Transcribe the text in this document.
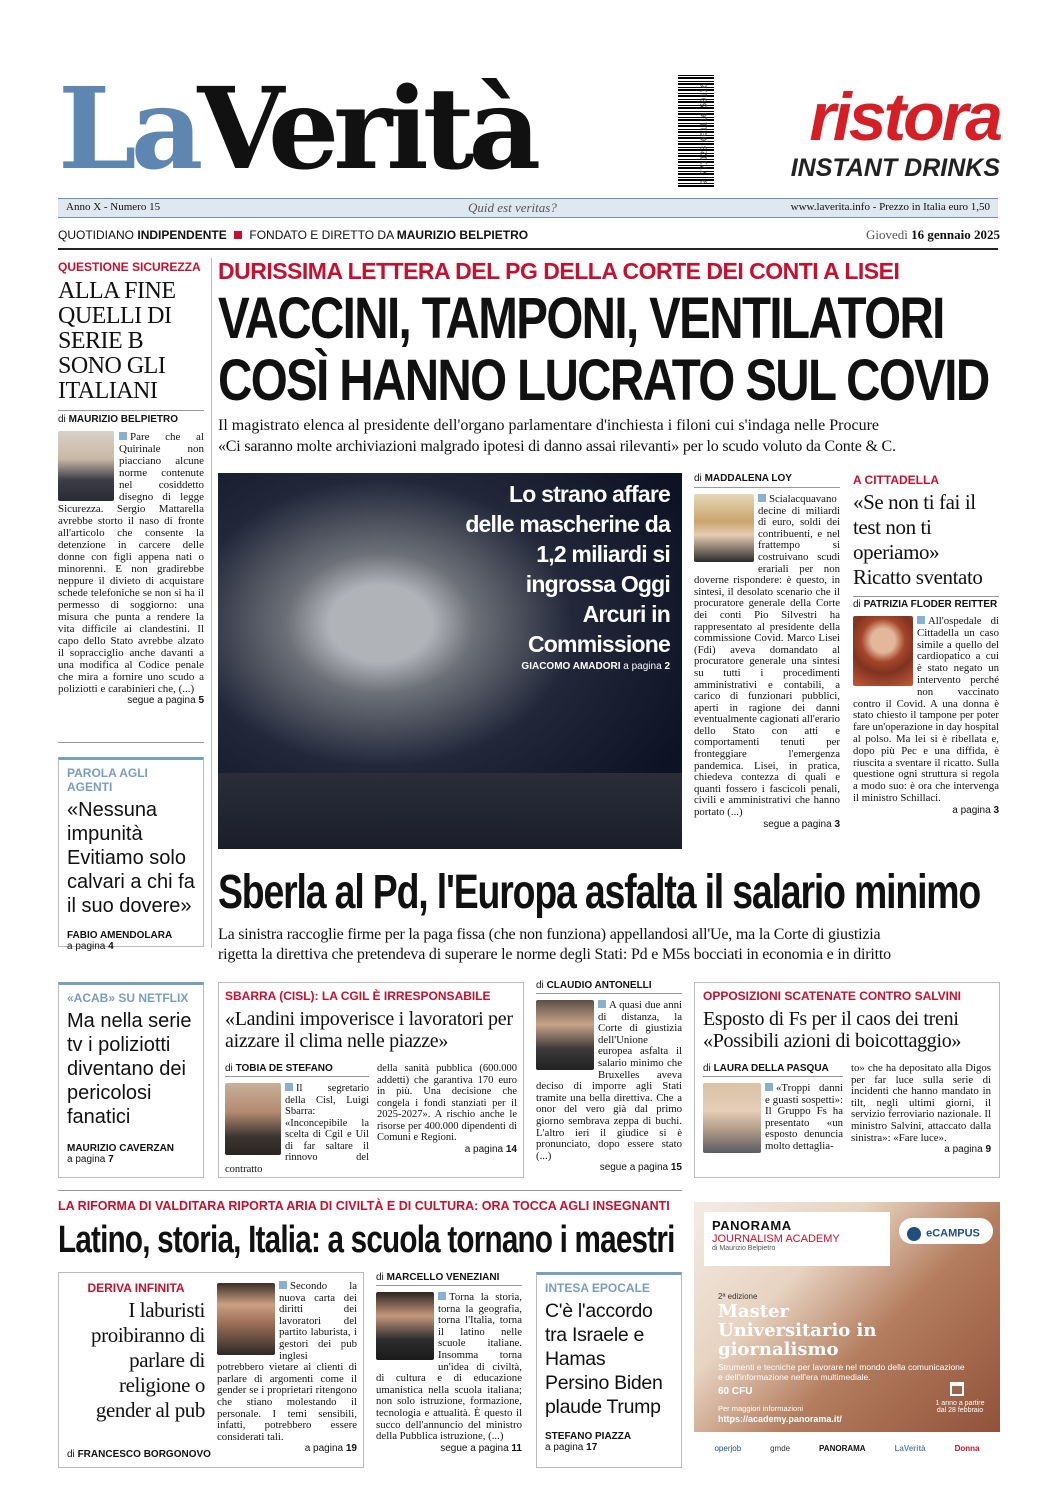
LaVerità	9 771123 001116 50116	ristora
INSTANT DRINKS
Anno X - Numero 15	Quid est veritas?	www.laverita.info - Prezzo in Italia euro 1,50
QUOTIDIANO INDIPENDENTE FONDATO E DIRETTO DA MAURIZIO BELPIETRO	Giovedì 16 gennaio 2025
QUESTIONE SICUREZZA
ALLA FINE QUELLI DI SERIE B SONO GLI ITALIANI
di MAURIZIO BELPIETRO
Pare che al Quirinale non piacciano alcune norme contenute nel cosiddetto disegno di legge Sicurezza. Sergio Mattarella avrebbe storto il naso di fronte all'articolo che consente la detenzione in carcere delle donne con figli appena nati o minorenni. E non gradirebbe neppure il divieto di acquistare schede telefoniche se non si ha il permesso di soggiorno: una misura che punta a rendere la vita difficile ai clandestini. Il capo dello Stato avrebbe alzato il sopracciglio anche davanti a una modifica al Codice penale che mira a fornire uno scudo a poliziotti e carabinieri che, (...)
segue a pagina 5
PAROLA AGLI AGENTI
«Nessuna impunità Evitiamo solo calvari a chi fa il suo dovere»
FABIO AMENDOLARA
a pagina 4
DURISSIMA LETTERA DEL PG DELLA CORTE DEI CONTI A LISEI
VACCINI, TAMPONI, VENTILATORI
COSÌ HANNO LUCRATO SUL COVID
Il magistrato elenca al presidente dell'organo parlamentare d'inchiesta i filoni cui s'indaga nelle Procure
«Ci saranno molte archiviazioni malgrado ipotesi di danno assai rilevanti» per lo scudo voluto da Conte & C.
Lo strano affare delle mascherine da 1,2 miliardi si ingrossa Oggi Arcuri in Commissione
GIACOMO AMADORI a pagina 2
di MADDALENA LOY
Scialacquavano decine di miliardi di euro, soldi dei contribuenti, e nel frattempo si costruivano scudi erariali per non doverne rispondere: è questo, in sintesi, il desolato scenario che il procuratore generale della Corte dei conti Pio Silvestri ha rappresentato al presidente della commissione Covid. Marco Lisei (Fdi) aveva domandato al procuratore generale una sintesi su tutti i procedimenti amministrativi e contabili, a carico di funzionari pubblici, aperti in ragione dei danni eventualmente cagionati all'erario dello Stato con atti e comportamenti tenuti per fronteggiare l'emergenza pandemica. Lisei, in pratica, chiedeva contezza di quali e quanti fossero i fascicoli penali, civili e amministrativi che hanno portato (...)
segue a pagina 3
A CITTADELLA
«Se non ti fai il test non ti operiamo» Ricatto sventato
di PATRIZIA FLODER REITTER
All'ospedale di Cittadella un caso simile a quello del cardiopatico a cui è stato negato un intervento perché non vaccinato contro il Covid. A una donna è stato chiesto il tampone per poter fare un'operazione in day hospital al polso. Ma lei si è ribellata e, dopo più Pec e una diffida, è riuscita a sventare il ricatto. Sulla questione ogni struttura si regola a modo suo: è ora che intervenga il ministro Schillaci.
a pagina 3
Sberla al Pd, l'Europa asfalta il salario minimo
La sinistra raccoglie firme per la paga fissa (che non funziona) appellandosi all'Ue, ma la Corte di giustizia
rigetta la direttiva che pretendeva di superare le norme degli Stati: Pd e M5s bocciati in economia e in diritto
«ACAB» SU NETFLIX
Ma nella serie tv i poliziotti diventano dei pericolosi fanatici
MAURIZIO CAVERZAN
a pagina 7
SBARRA (CISL): LA CGIL È IRRESPONSABILE
«Landini impoverisce i lavoratori per aizzare il clima nelle piazze»
di TOBIA DE STEFANO
Il segretario della Cisl, Luigi Sbarra: «Inconcepibile la scelta di Cgil e Uil di far saltare il rinnovo del contratto
della sanità pubblica (600.000 addetti) che garantiva 170 euro in più. Una decisione che congela i fondi stanziati per il 2025-2027». A rischio anche le risorse per 400.000 dipendenti di Comuni e Regioni.
a pagina 14
di CLAUDIO ANTONELLI
A quasi due anni di distanza, la Corte di giustizia dell'Unione europea asfalta il salario minimo che Bruxelles aveva deciso di imporre agli Stati tramite una bella direttiva. Che a onor del vero già dal primo giorno sembrava zeppa di buchi. L'altro ieri il giudice si è pronunciato, dopo essere stato (...)
segue a pagina 15
OPPOSIZIONI SCATENATE CONTRO SALVINI
Esposto di Fs per il caos dei treni «Possibili azioni di boicottaggio»
di LAURA DELLA PASQUA
«Troppi danni e guasti sospetti»: Il Gruppo Fs ha presentato «un esposto denuncia molto dettaglia-
to» che ha depositato alla Digos per far luce sulla serie di incidenti che hanno mandato in tilt, negli ultimi giorni, il servizio ferroviario nazionale. Il ministro Salvini, attaccato dalla sinistra»: «Fare luce».
a pagina 9
LA RIFORMA DI VALDITARA RIPORTA ARIA DI CIVILTÀ E DI CULTURA: ORA TOCCA AGLI INSEGNANTI
Latino, storia, Italia: a scuola tornano i maestri
DERIVA INFINITA
I laburisti proibiranno di parlare di religione o gender al pub
di FRANCESCO BORGONOVO
Secondo la nuova carta dei diritti dei lavoratori del partito laburista, i gestori dei pub inglesi potrebbero vietare ai clienti di parlare di argomenti come il gender se i proprietari ritengono che stiano molestando il personale. I temi sensibili, infatti, potrebbero essere considerati tali.
a pagina 19
di MARCELLO VENEZIANI
Torna la storia, torna la geografia, torna l'Italia, torna il latino nelle scuole italiane. Insomma torna un'idea di civiltà, di cultura e di educazione umanistica nella scuola italiana; non solo istruzione, formazione, tecnologia e attualità. È questo il succo dell'annuncio del ministro della Pubblica istruzione, (...)
segue a pagina 11
INTESA EPOCALE
C'è l'accordo tra Israele e Hamas Persino Biden plaude Trump
STEFANO PIAZZA
a pagina 17
PANORAMA
JOURNALISM ACADEMY
di Maurizio Belpietro
eCAMPUS
2ª edizione
Master Universitario in giornalismo
Strumenti e tecniche per lavorare nel mondo della comunicazione e dell'informazione nell'era multimediale.
60 CFU
Per maggiori informazioni
https://academy.panorama.it/
1 anno a partire dal 28 febbraio
operjob	gmde	PANORAMA	LaVerità	Donna
